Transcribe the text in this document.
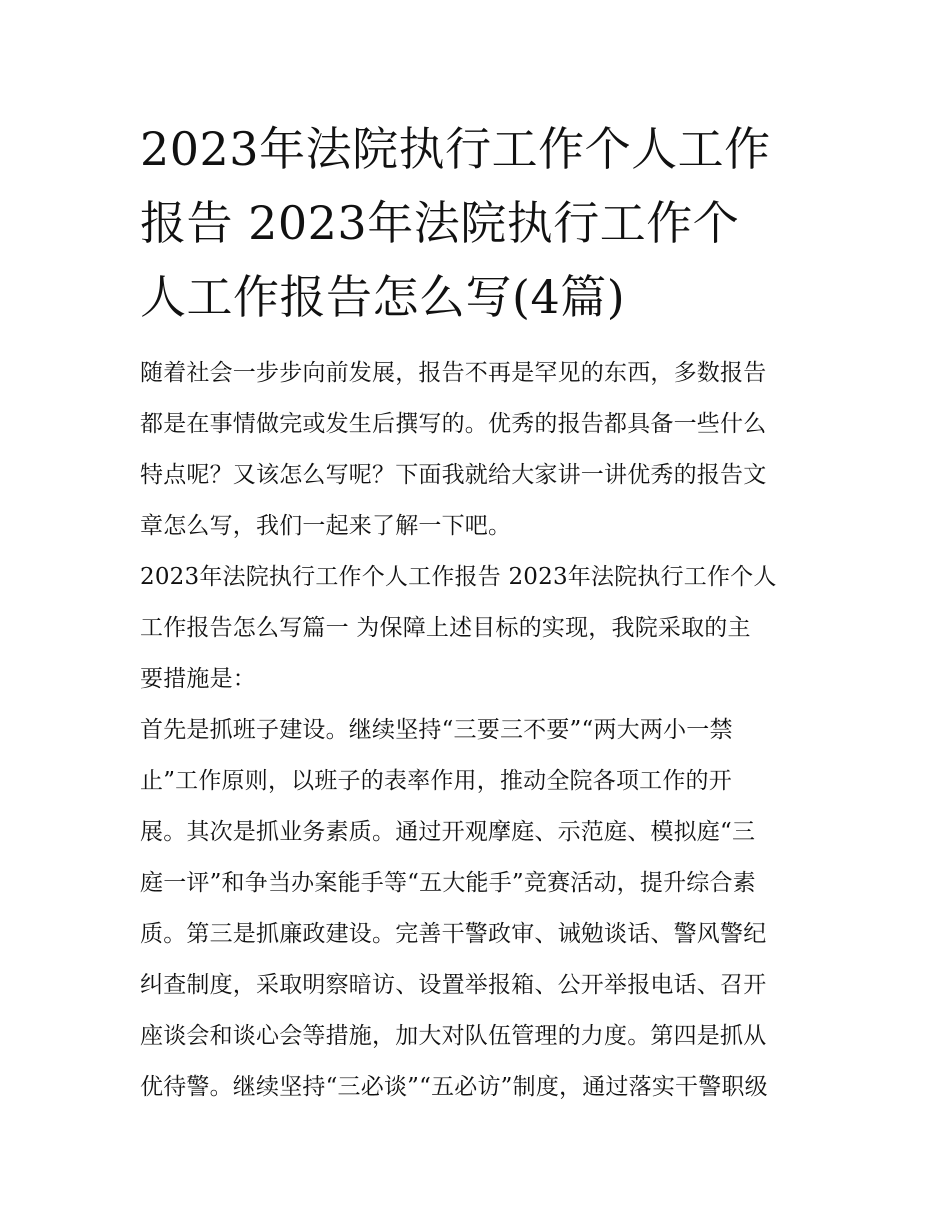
2023年法院执行工作个人工作
报告 2023年法院执行工作个
人工作报告怎么写(4篇)
随着社会一步步向前发展，报告不再是罕见的东西，多数报告
都是在事情做完或发生后撰写的。优秀的报告都具备一些什么
特点呢？又该怎么写呢？下面我就给大家讲一讲优秀的报告文
章怎么写，我们一起来了解一下吧。
2023年法院执行工作个人工作报告 2023年法院执行工作个人
工作报告怎么写篇一 为保障上述目标的实现，我院采取的主
要措施是：
首先是抓班子建设。继续坚持“三要三不要”“两大两小一禁
止”工作原则，以班子的表率作用，推动全院各项工作的开
展。其次是抓业务素质。通过开观摩庭、示范庭、模拟庭“三
庭一评”和争当办案能手等“五大能手”竞赛活动，提升综合素
质。第三是抓廉政建设。完善干警政审、诫勉谈话、警风警纪
纠查制度，采取明察暗访、设置举报箱、公开举报电话、召开
座谈会和谈心会等措施，加大对队伍管理的力度。第四是抓从
优待警。继续坚持“三必谈”“五必访”制度，通过落实干警职级
